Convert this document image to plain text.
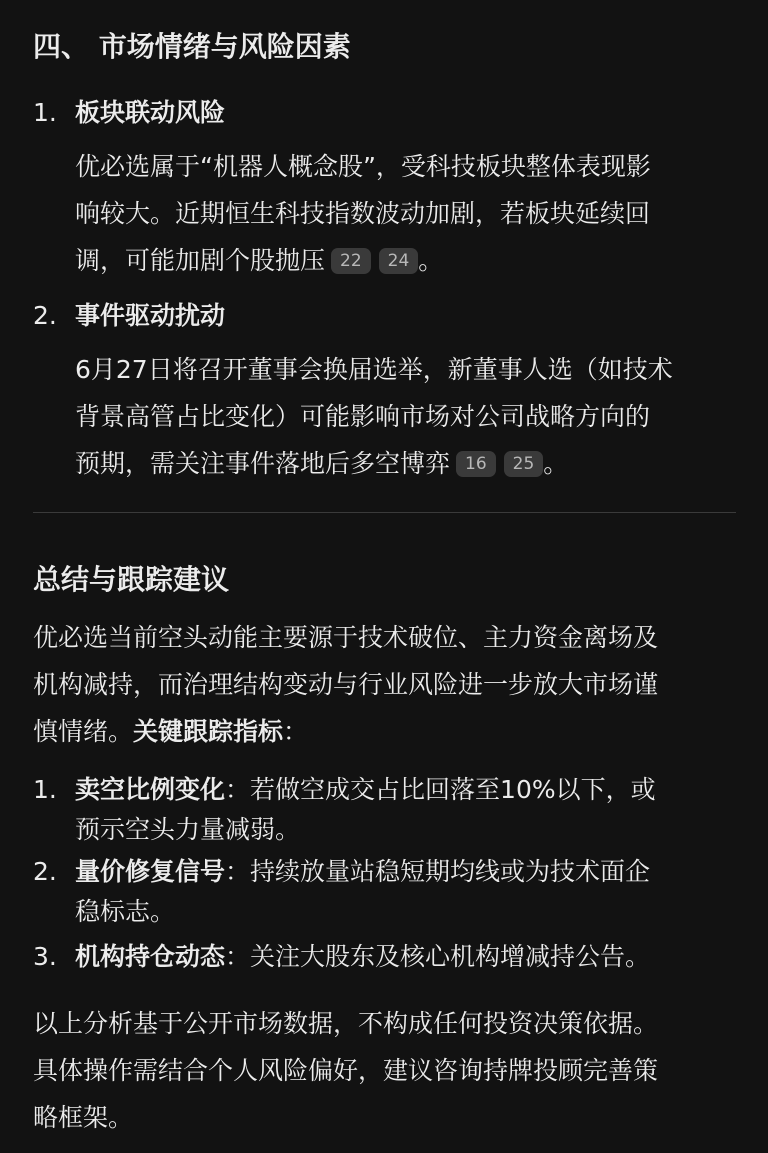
四、 市场情绪与风险因素
1. 板块联动风险
优必选属于“机器人概念股”，受科技板块整体表现影
响较大。近期恒生科技指数波动加剧，若板块延续回
调，可能加剧个股抛压 22 24 。
2. 事件驱动扰动
6月27日将召开董事会换届选举，新董事人选（如技术
背景高管占比变化）可能影响市场对公司战略方向的
预期，需关注事件落地后多空博弈 16 25 。
总结与跟踪建议
优必选当前空头动能主要源于技术破位、主力资金离场及
机构减持，而治理结构变动与行业风险进一步放大市场谨
慎情绪。关键跟踪指标：
1. 卖空比例变化：若做空成交占比回落至10%以下，或
预示空头力量减弱。
2. 量价修复信号：持续放量站稳短期均线或为技术面企
稳标志。
3. 机构持仓动态：关注大股东及核心机构增减持公告。
以上分析基于公开市场数据，不构成任何投资决策依据。
具体操作需结合个人风险偏好，建议咨询持牌投顾完善策
略框架。
